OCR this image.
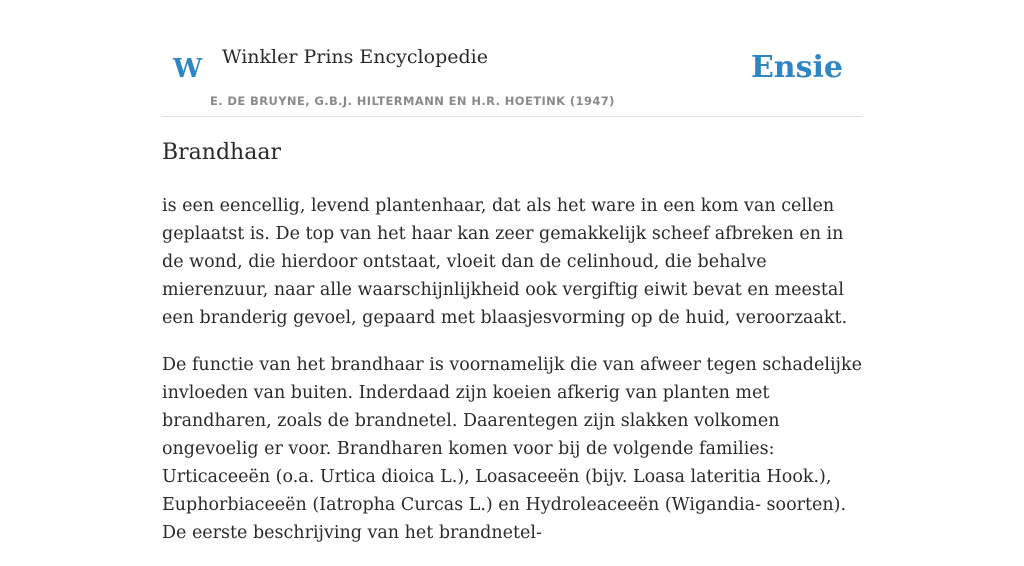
W Winkler Prins Encyclopedie
E. DE BRUYNE, G.B.J. HILTERMANN EN H.R. HOETINK (1947)
Ensie
Brandhaar

is een eencellig, levend plantenhaar, dat als het ware in een kom van cellen geplaatst is. De top van het haar kan zeer gemakkelijk scheef afbreken en in de wond, die hierdoor ontstaat, vloeit dan de celinhoud, die behalve mierenzuur, naar alle waarschijnlijkheid ook vergiftig eiwit bevat en meestal een branderig gevoel, gepaard met blaasjesvorming op de huid, veroorzaakt.

De functie van het brandhaar is voornamelijk die van afweer tegen schadelijke invloeden van buiten. Inderdaad zijn koeien afkerig van planten met brandharen, zoals de brandnetel. Daarentegen zijn slakken volkomen ongevoelig er voor. Brandharen komen voor bij de volgende families: Urticaceeën (o.a. Urtica dioica L.), Loasaceeën (bijv. Loasa lateritia Hook.), Euphorbiaceeën (Iatropha Curcas L.) en Hydroleaceeën (Wigandia- soorten). De eerste beschrijving van het brandnetel-
